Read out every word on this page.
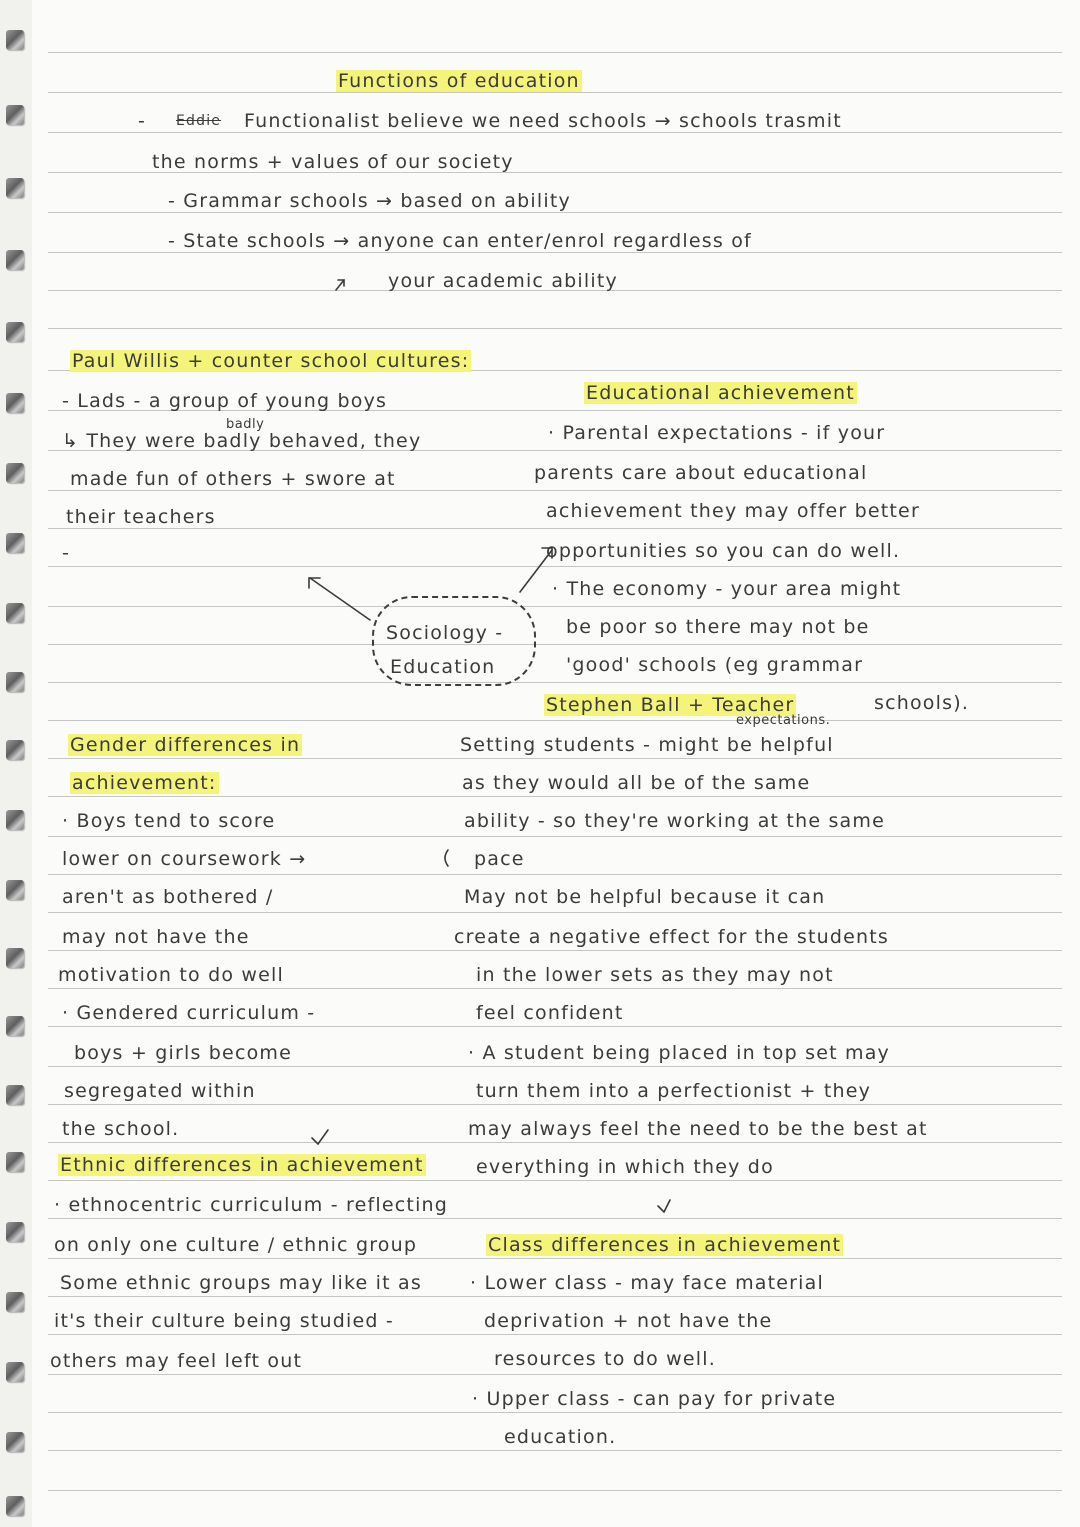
Functions of education
- Eddie Functionalist believe we need schools → schools trasmit
the norms + values of our society
- Grammar schools → based on ability
- State schools → anyone can enter/enrol regardless of
your academic ability
Paul Willis + counter school cultures:
badly
- Lads - a group of young boys
↳ They were badly behaved, they
made fun of others + swore at
their teachers
-
Educational achievement
· Parental expectations - if your
parents care about educational
achievement they may offer better
opportunities so you can do well.
· The economy - your area might
be poor so there may not be
'good' schools (eg grammar
schools).
Sociology -
Education
Stephen Ball + Teacher
expectations.
Setting students - might be helpful
as they would all be of the same
ability - so they're working at the same
pace
May not be helpful because it can
create a negative effect for the students
in the lower sets as they may not
feel confident
· A student being placed in top set may
turn them into a perfectionist + they
may always feel the need to be the best at
everything in which they do
Gender differences in
achievement:
· Boys tend to score
lower on coursework →
aren't as bothered /
may not have the
motivation to do well
· Gendered curriculum -
boys + girls become
segregated within
the school.
Ethnic differences in achievement
· ethnocentric curriculum - reflecting
on only one culture / ethnic group
Some ethnic groups may like it as
it's their culture being studied -
others may feel left out
Class differences in achievement
· Lower class - may face material
deprivation + not have the
resources to do well.
· Upper class - can pay for private
education.
